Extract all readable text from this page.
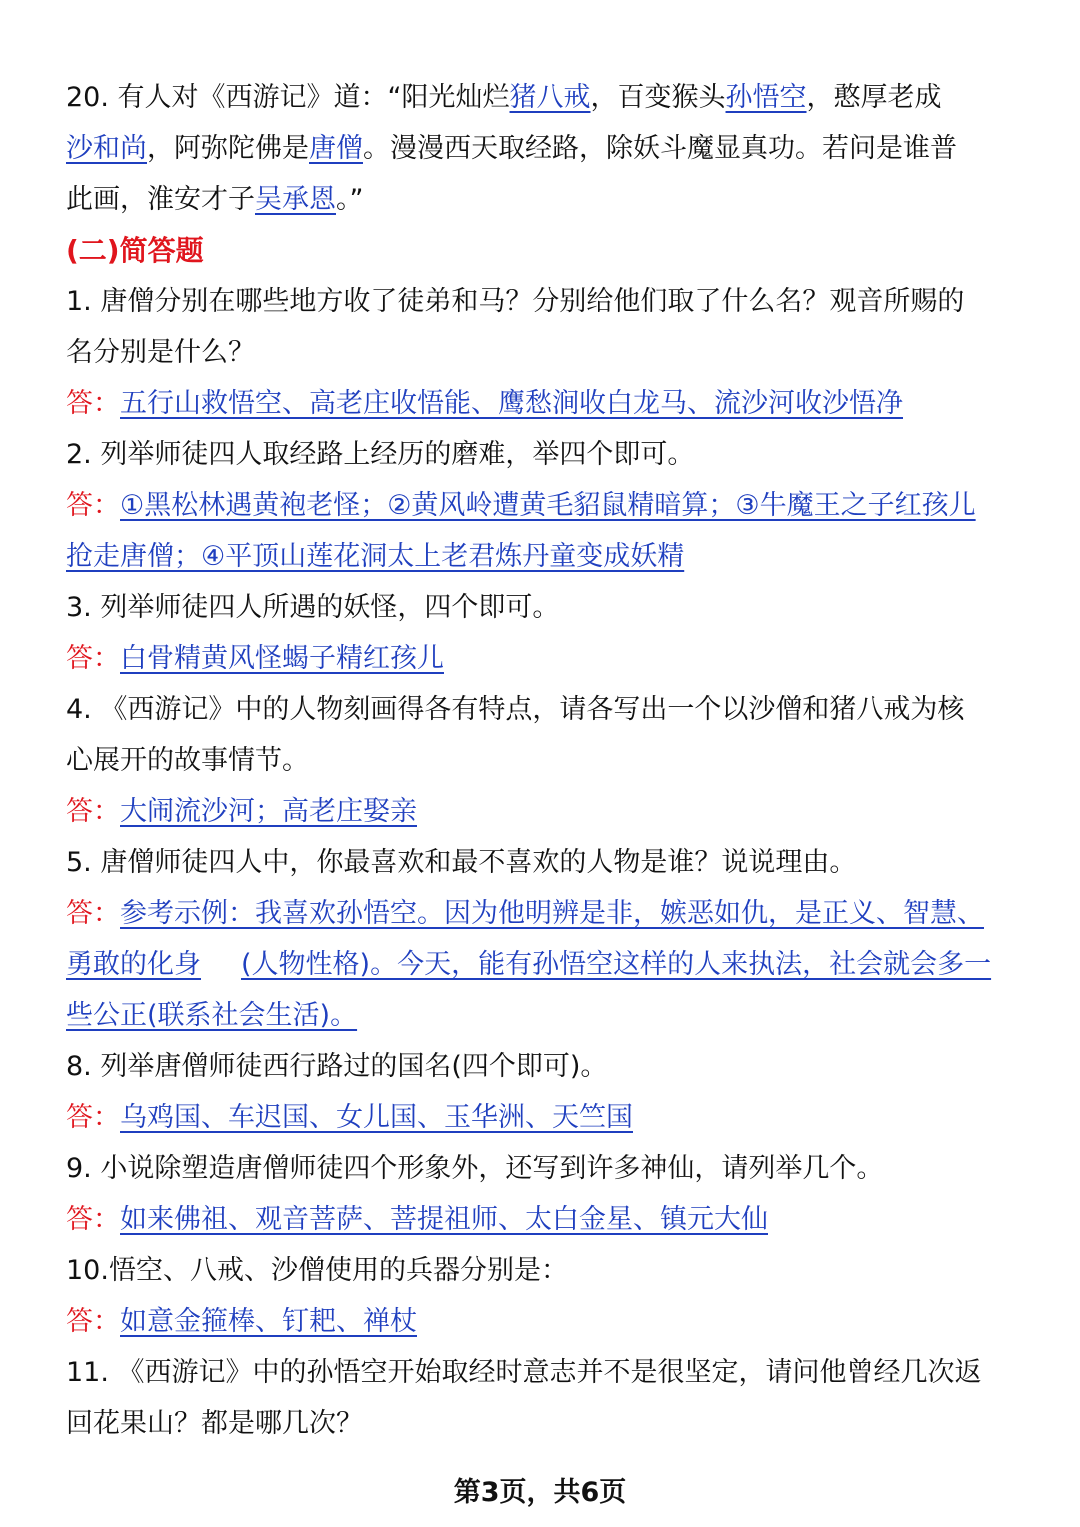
20. 有人对《西游记》道：“阳光灿烂猪八戒，百变猴头孙悟空，憨厚老成
沙和尚，阿弥陀佛是唐僧。漫漫西天取经路，除妖斗魔显真功。若问是谁普
此画，淮安才子吴承恩。”
(二)简答题
1. 唐僧分别在哪些地方收了徒弟和马？分别给他们取了什么名？观音所赐的
名分别是什么？
答：五行山救悟空、高老庄收悟能、鹰愁涧收白龙马、流沙河收沙悟净
2. 列举师徒四人取经路上经历的磨难，举四个即可。
答：①黑松林遇黄袍老怪；②黄风岭遭黄毛貂鼠精暗算；③牛魔王之子红孩儿
抢走唐僧；④平顶山莲花洞太上老君炼丹童变成妖精
3. 列举师徒四人所遇的妖怪，四个即可。
答：白骨精黄风怪蝎子精红孩儿
4. 《西游记》中的人物刻画得各有特点，请各写出一个以沙僧和猪八戒为核
心展开的故事情节。
答：大闹流沙河；高老庄娶亲
5. 唐僧师徒四人中，你最喜欢和最不喜欢的人物是谁？说说理由。
答：参考示例：我喜欢孙悟空。因为他明辨是非，嫉恶如仇，是正义、智慧、
勇敢的化身 (人物性格)。今天，能有孙悟空这样的人来执法，社会就会多一
些公正(联系社会生活)。
8. 列举唐僧师徒西行路过的国名(四个即可)。
答：乌鸡国、车迟国、女儿国、玉华洲、天竺国
9. 小说除塑造唐僧师徒四个形象外，还写到许多神仙，请列举几个。
答：如来佛祖、观音菩萨、菩提祖师、太白金星、镇元大仙
10.悟空、八戒、沙僧使用的兵器分别是：
答：如意金箍棒、钉耙、禅杖
11. 《西游记》中的孙悟空开始取经时意志并不是很坚定，请问他曾经几次返
回花果山？都是哪几次？
第3页，共6页
